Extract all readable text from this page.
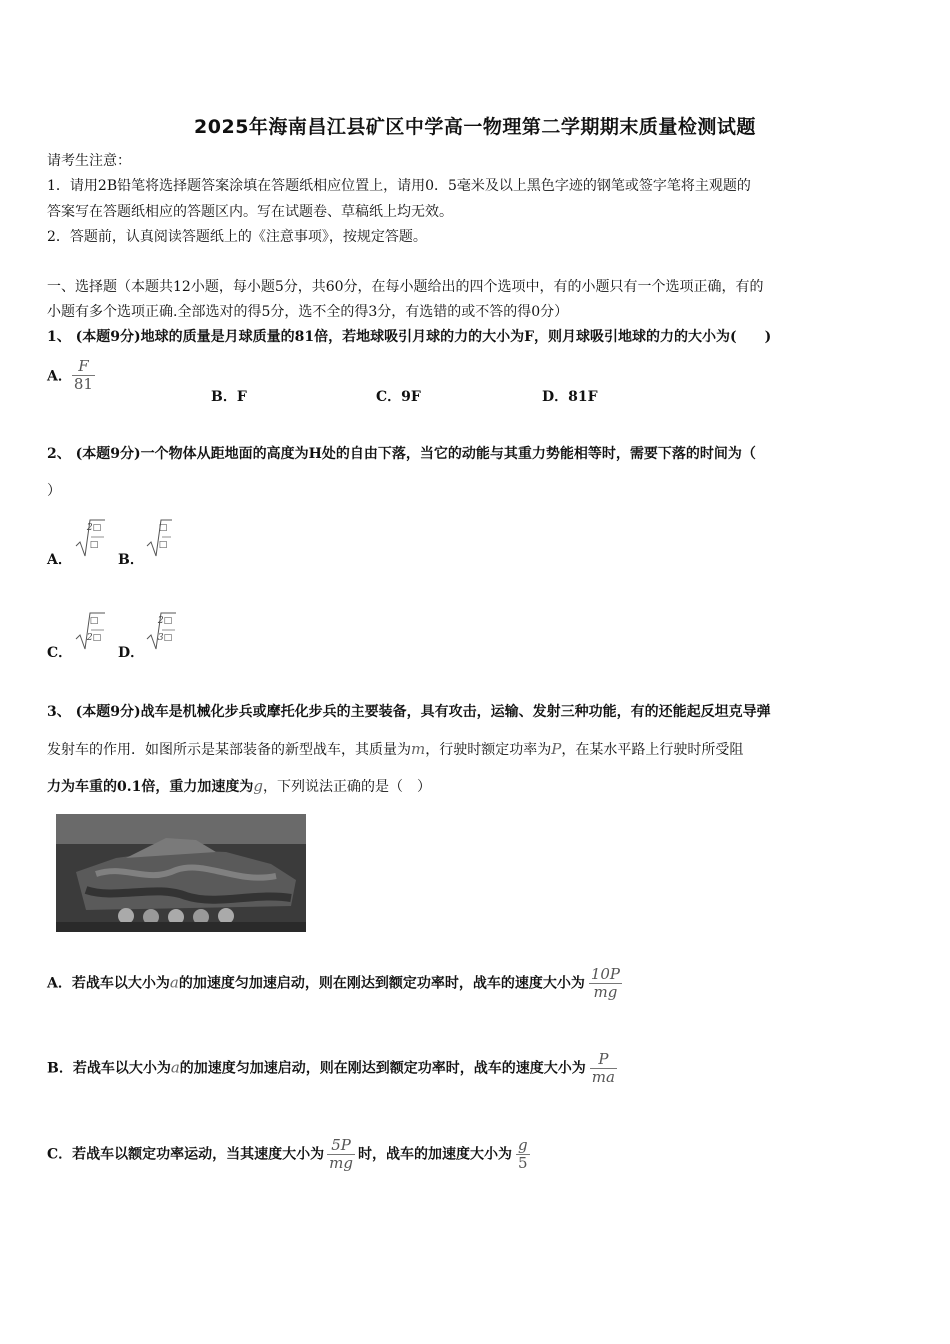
2025年海南昌江县矿区中学高一物理第二学期期末质量检测试题
请考生注意：
1．请用2B铅笔将选择题答案涂填在答题纸相应位置上，请用0．5毫米及以上黑色字迹的钢笔或签字笔将主观题的
答案写在答题纸相应的答题区内。写在试题卷、草稿纸上均无效。
2．答题前，认真阅读答题纸上的《注意事项》，按规定答题。
一、选择题（本题共12小题，每小题5分，共60分，在每小题给出的四个选项中，有的小题只有一个选项正确，有的
小题有多个选项正确.全部选对的得5分，选不全的得3分，有选错的或不答的得0分）
1、 (本题9分)地球的质量是月球质量的81倍，若地球吸引月球的力的大小为F，则月球吸引地球的力的大小为(　　)
A． $\frac{F}{81}$
B．F	C．9F	D．81F
2、 (本题9分)一个物体从距地面的高度为H处的自由下落，当它的动能与其重力势能相等时，需要下落的时间为（
）
A．
2□
□
B．
□
□
C．
□
2□
D．
2□
3□
3、 (本题9分)战车是机械化步兵或摩托化步兵的主要装备，具有攻击，运输、发射三种功能，有的还能起反坦克导弹
发射车的作用．如图所示是某部装备的新型战车，其质量为m，行驶时额定功率为P，在某水平路上行驶时所受阻
力为车重的0.1倍，重力加速度为g，下列说法正确的是（　）
A．若战车以大小为a的加速度匀加速启动，则在刚达到额定功率时，战车的速度大小为 $\frac{10P}{mg}$
B．若战车以大小为a的加速度匀加速启动，则在刚达到额定功率时，战车的速度大小为 $\frac{P}{ma}$
C．若战车以额定功率运动，当其速度大小为 $\frac{5P}{mg}$ 时，战车的加速度大小为 $\frac{g}{5}$
